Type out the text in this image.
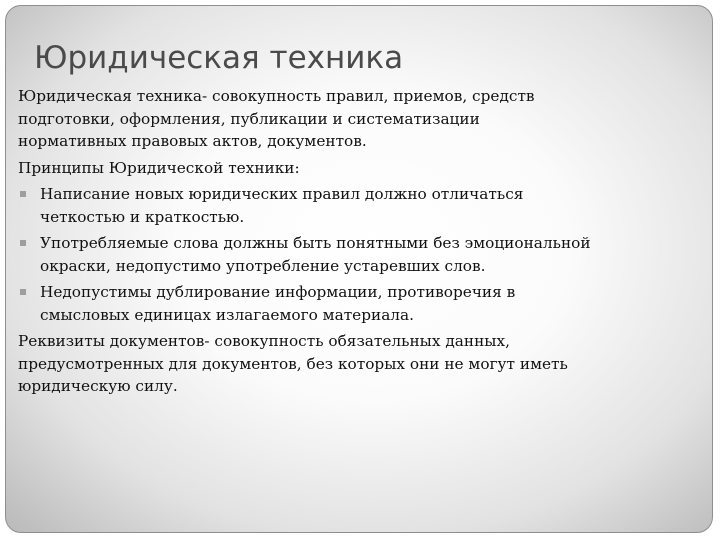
Юридическая техника

Юридическая техника- совокупность правил, приемов, средств
подготовки, оформления, публикации и систематизации
нормативных правовых актов, документов.

Принципы Юридической техники:

Написание новых юридических правил должно отличаться
четкостью и краткостью.
Употребляемые слова должны быть понятными без эмоциональной
окраски, недопустимо употребление устаревших слов.
Недопустимы дублирование информации, противоречия в
смысловых единицах излагаемого материала.

Реквизиты документов- совокупность обязательных данных,
предусмотренных для документов, без которых они не могут иметь
юридическую силу.
